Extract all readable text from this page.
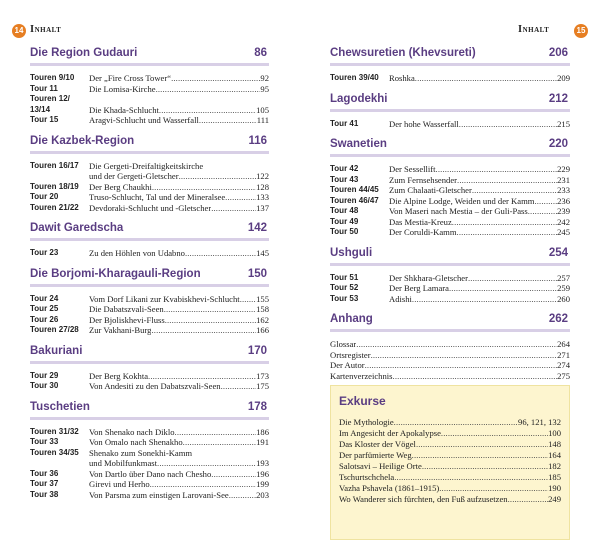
14 Inhalt	Inhalt	15
Die Region Gudauri	86
Touren 9/10	Der „Fire Cross Tower“ . . .	92
Tour 11	Die Lomisa-Kirche . . .	95
Touren 12/
13/14	Die Khada-Schlucht . . .	105
Tour 15	Aragvi-Schlucht und Wasserfall . . .	111
Die Kazbek-Region	116
Touren 16/17	Die Gergeti-Dreifaltigkeitskirche
und der Gergeti-Gletscher . . .	122
Touren 18/19	Der Berg Chaukhi . . .	128
Tour 20	Truso-Schlucht, Tal und der Mineralsee . . .	133
Touren 21/22	Devdoraki-Schlucht und -Gletscher . . .	137
Dawit Garedscha	142
Tour 23	Zu den Höhlen von Udabno . . .	145
Die Borjomi-Kharagauli-Region	150
Tour 24	Vom Dorf Likani zur Kvabiskhevi-Schlucht . . . 155
Tour 25	Die Dabatszvali-Seen . . .	158
Tour 26	Der Bjoliskhevi-Fluss . . .	162
Touren 27/28	Zur Vakhani-Burg . . .	166
Bakuriani	170
Tour 29	Der Berg Kokhta . . .	173
Tour 30	Von Andesiti zu den Dabatszvali-Seen . . .	175
Tuschetien	178
Touren 31/32	Von Shenako nach Diklo . . .	186
Tour 33	Von Omalo nach Shenakho . . .	191
Touren 34/35	Shenako zum Sonekhi-Kamm
und Mobilfunkmast . . .	193
Tour 36	Von Dartlo über Dano nach Chesho . . .	196
Tour 37	Girevi und Herho . . .	199
Tour 38	Von Parsma zum einstigen Larovani-See . . .	203
Chewsuretien (Khevsureti)	206
Touren 39/40	Roshka . . .	209
Lagodekhi	212
Tour 41	Der hohe Wasserfall . . .	215
Swanetien	220
Tour 42	Der Sessellift . . .	229
Tour 43	Zum Fernsehsender . . .	231
Touren 44/45	Zum Chalaati-Gletscher . . .	233
Touren 46/47	Die Alpine Lodge, Weiden und der Kamm . . .	236
Tour 48	Von Maseri nach Mestia – der Guli-Pass . . .	239
Tour 49	Das Mestia-Kreuz . . .	242
Tour 50	Der Coruldi-Kamm . . .	245
Ushguli	254
Tour 51	Der Shkhara-Gletscher . . .	257
Tour 52	Der Berg Lamara . . .	259
Tour 53	Adishi . . .	260
Anhang	262
Glossar . . .	264
Ortsregister . . .	271
Der Autor . . .	274
Kartenverzeichnis . . .	275
Exkurse
Die Mythologie . . .	96, 121, 132
Im Angesicht der Apokalypse . . .	100
Das Kloster der Vögel . . .	148
Der parfümierte Weg . . .	164
Salotsavi – Heilige Orte . . .	182
Tschurtschchela . . .	185
Vazha Pshavela (1861–1915) . . .	190
Wo Wanderer sich fürchten, den Fuß aufzusetzen . . .	249
